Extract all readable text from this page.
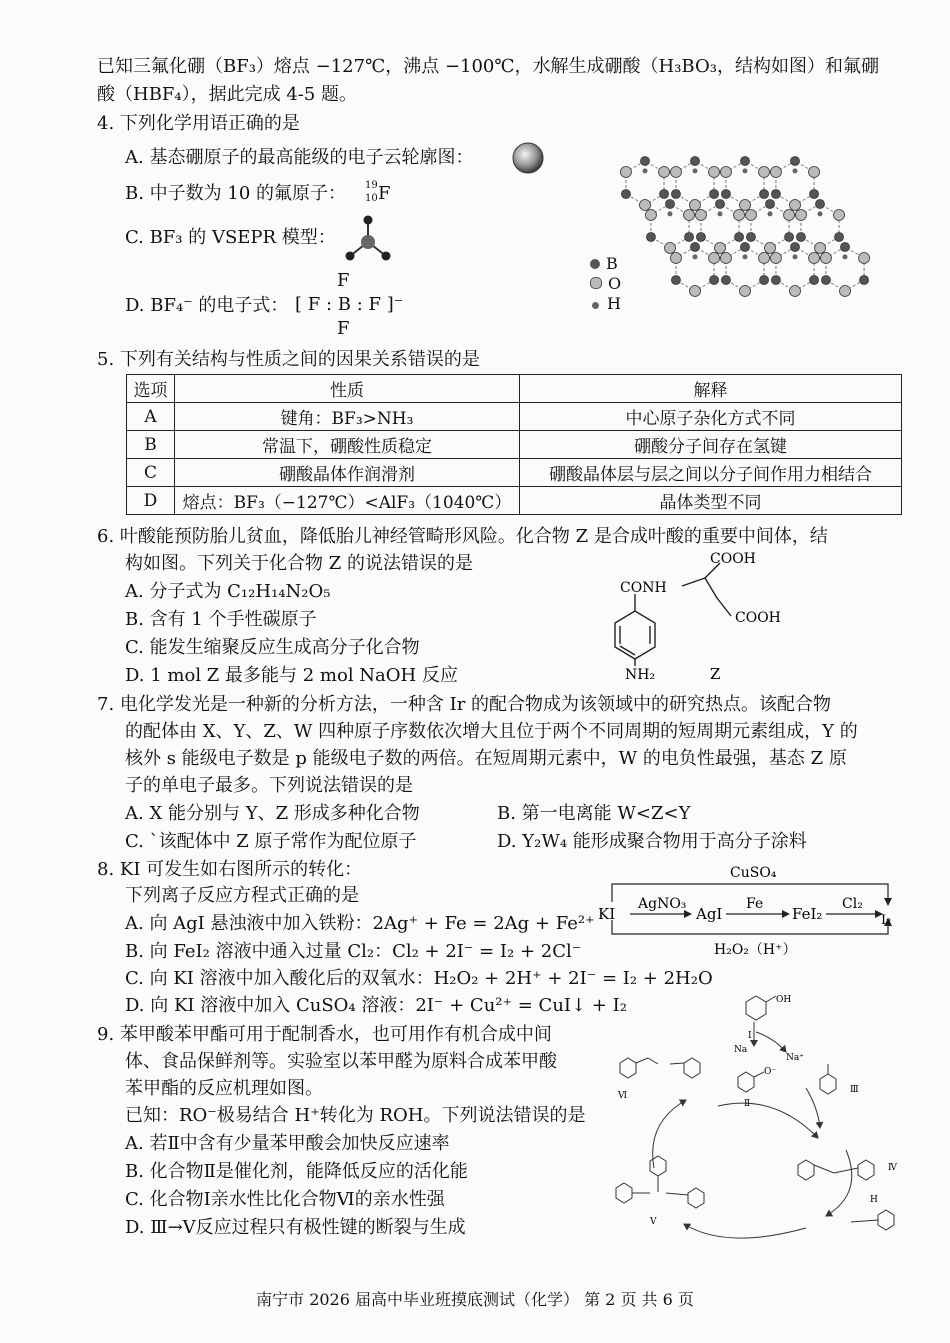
已知三氟化硼（BF₃）熔点 −127℃，沸点 −100℃，水解生成硼酸（H₃BO₃，结构如图）和氟硼
酸（HBF₄），据此完成 4-5 题。
4. 下列化学用语正确的是
A. 基态硼原子的最高能级的电子云轮廓图：
B. 中子数为 10 的氟原子： 19
10 F
C. BF₃ 的 VSEPR 模型：
D. BF₄⁻ 的电子式：
F
[ F : B : F ]⁻
F
B
O
H
5. 下列有关结构与性质之间的因果关系错误的是
选项	性质	解释
A	键角：BF₃>NH₃	中心原子杂化方式不同
B	常温下，硼酸性质稳定	硼酸分子间存在氢键
C	硼酸晶体作润滑剂	硼酸晶体层与层之间以分子间作用力相结合
D	熔点：BF₃（−127℃）<AlF₃（1040℃）	晶体类型不同
6. 叶酸能预防胎儿贫血，降低胎儿神经管畸形风险。化合物 Z 是合成叶酸的重要中间体，结
构如图。下列关于化合物 Z 的说法错误的是
A. 分子式为 C₁₂H₁₄N₂O₅
B. 含有 1 个手性碳原子
C. 能发生缩聚反应生成高分子化合物
D. 1 mol Z 最多能与 2 mol NaOH 反应
CONH
COOH
COOH
NH₂	Z
7. 电化学发光是一种新的分析方法，一种含 Ir 的配合物成为该领域中的研究热点。该配合物
的配体由 X、Y、Z、W 四种原子序数依次增大且位于两个不同周期的短周期元素组成，Y 的
核外 s 能级电子数是 p 能级电子数的两倍。在短周期元素中，W 的电负性最强，基态 Z 原
子的单电子最多。下列说法错误的是
A. X 能分别与 Y、Z 形成多种化合物	B. 第一电离能 W<Z<Y
C. ˋ该配体中 Z 原子常作为配位原子	D. Y₂W₄ 能形成聚合物用于高分子涂料
8. KI 可发生如右图所示的转化：
下列离子反应方程式正确的是
A. 向 AgI 悬浊液中加入铁粉：2Ag⁺ + Fe = 2Ag + Fe²⁺
B. 向 FeI₂ 溶液中通入过量 Cl₂：Cl₂ + 2I⁻ = I₂ + 2Cl⁻
C. 向 KI 溶液中加入酸化后的双氧水：H₂O₂ + 2H⁺ + 2I⁻ = I₂ + 2H₂O
D. 向 KI 溶液中加入 CuSO₄ 溶液：2I⁻ + Cu²⁺ = CuI↓ + I₂
CuSO₄
KI
AgNO₃
AgI
Fe
FeI₂
Cl₂
I₂
H₂O₂（H⁺）
9. 苯甲酸苯甲酯可用于配制香水，也可用作有机合成中间
体、食品保鲜剂等。实验室以苯甲醛为原料合成苯甲酸
苯甲酯的反应机理如图。
已知：RO⁻极易结合 H⁺转化为 ROH。下列说法错误的是
A. 若Ⅱ中含有少量苯甲酸会加快反应速率
B. 化合物Ⅱ是催化剂，能降低反应的活化能
C. 化合物Ⅰ亲水性比化合物Ⅵ的亲水性强
D. Ⅲ→Ⅴ反应过程只有极性键的断裂与生成
OH
Ⅰ
Na
Na⁺
O⁻
Ⅱ
Ⅲ
Ⅵ
Ⅳ
Ⅴ
H
南宁市 2026 届高中毕业班摸底测试（化学） 第 2 页 共 6 页
